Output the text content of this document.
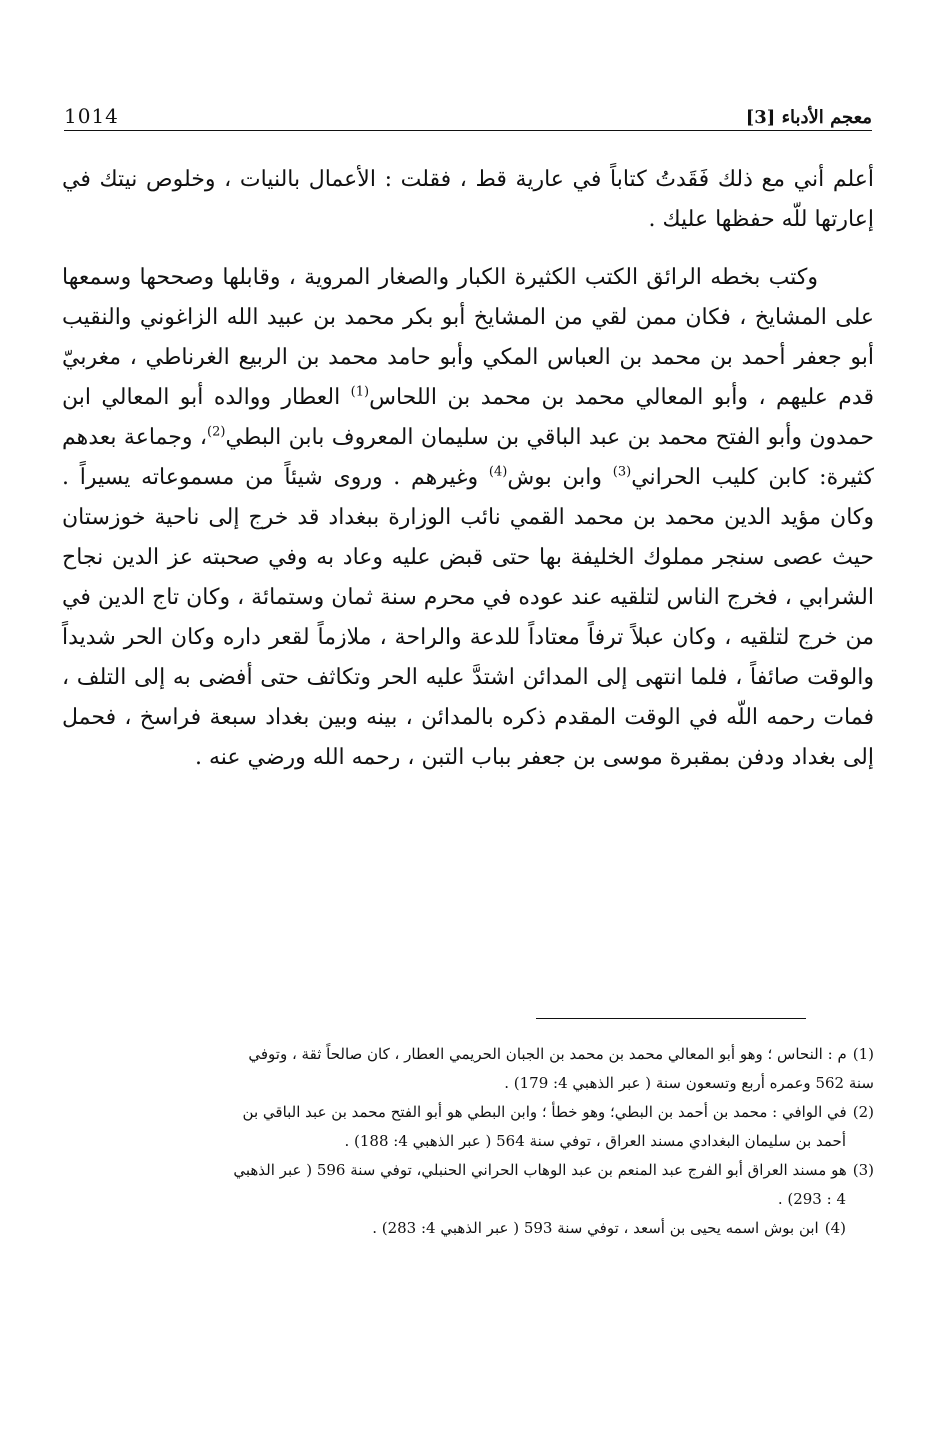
1014	معجم الأدباء [3]

أعلم أني مع ذلك فَقَدتُ كتاباً في عارية قط ، فقلت : الأعمال بالنيات ، وخلوص نيتك في إعارتها للّه حفظها عليك .

وكتب بخطه الرائق الكتب الكثيرة الكبار والصغار المروية ، وقابلها وصححها وسمعها على المشايخ ، فكان ممن لقي من المشايخ أبو بكر محمد بن عبيد الله الزاغوني والنقيب أبو جعفر أحمد بن محمد بن العباس المكي وأبو حامد محمد بن الربيع الغرناطي ، مغربيّ قدم عليهم ، وأبو المعالي محمد بن محمد بن اللحاس$^{(1)}$ العطار ووالده أبو المعالي ابن حمدون وأبو الفتح محمد بن عبد الباقي بن سليمان المعروف بابن البطي$^{(2)}$، وجماعة بعدهم كثيرة: كابن كليب الحراني$^{(3)}$ وابن بوش$^{(4)}$ وغيرهم . وروى شيئاً من مسموعاته يسيراً . وكان مؤيد الدين محمد بن محمد القمي نائب الوزارة ببغداد قد خرج إلى ناحية خوزستان حيث عصى سنجر مملوك الخليفة بها حتى قبض عليه وعاد به وفي صحبته عز الدين نجاح الشرابي ، فخرج الناس لتلقيه عند عوده في محرم سنة ثمان وستمائة ، وكان تاج الدين في من خرج لتلقيه ، وكان عبلاً ترفاً معتاداً للدعة والراحة ، ملازماً لقعر داره وكان الحر شديداً والوقت صائفاً ، فلما انتهى إلى المدائن اشتدَّ عليه الحر وتكاثف حتى أفضى به إلى التلف ، فمات رحمه اللّه في الوقت المقدم ذكره بالمدائن ، بينه وبين بغداد سبعة فراسخ ، فحمل إلى بغداد ودفن بمقبرة موسى بن جعفر بباب التبن ، رحمه الله ورضي عنه .

(1)م : النحاس ؛ وهو أبو المعالي محمد بن محمد بن الجبان الحريمي العطار ، كان صالحاً ثقة ، وتوفي

سنة 562 وعمره أربع وتسعون سنة ( عبر الذهبي 4: 179) .

(2)في الوافي : محمد بن أحمد بن البطي؛ وهو خطأ ؛ وابن البطي هو أبو الفتح محمد بن عبد الباقي بن

أحمد بن سليمان البغدادي مسند العراق ، توفي سنة 564 ( عبر الذهبي 4: 188) .

(3)هو مسند العراق أبو الفرج عبد المنعم بن عبد الوهاب الحراني الحنبلي، توفي سنة 596 ( عبر الذهبي

4 : 293) .

(4)ابن بوش اسمه يحيى بن أسعد ، توفي سنة 593 ( عبر الذهبي 4: 283) .
